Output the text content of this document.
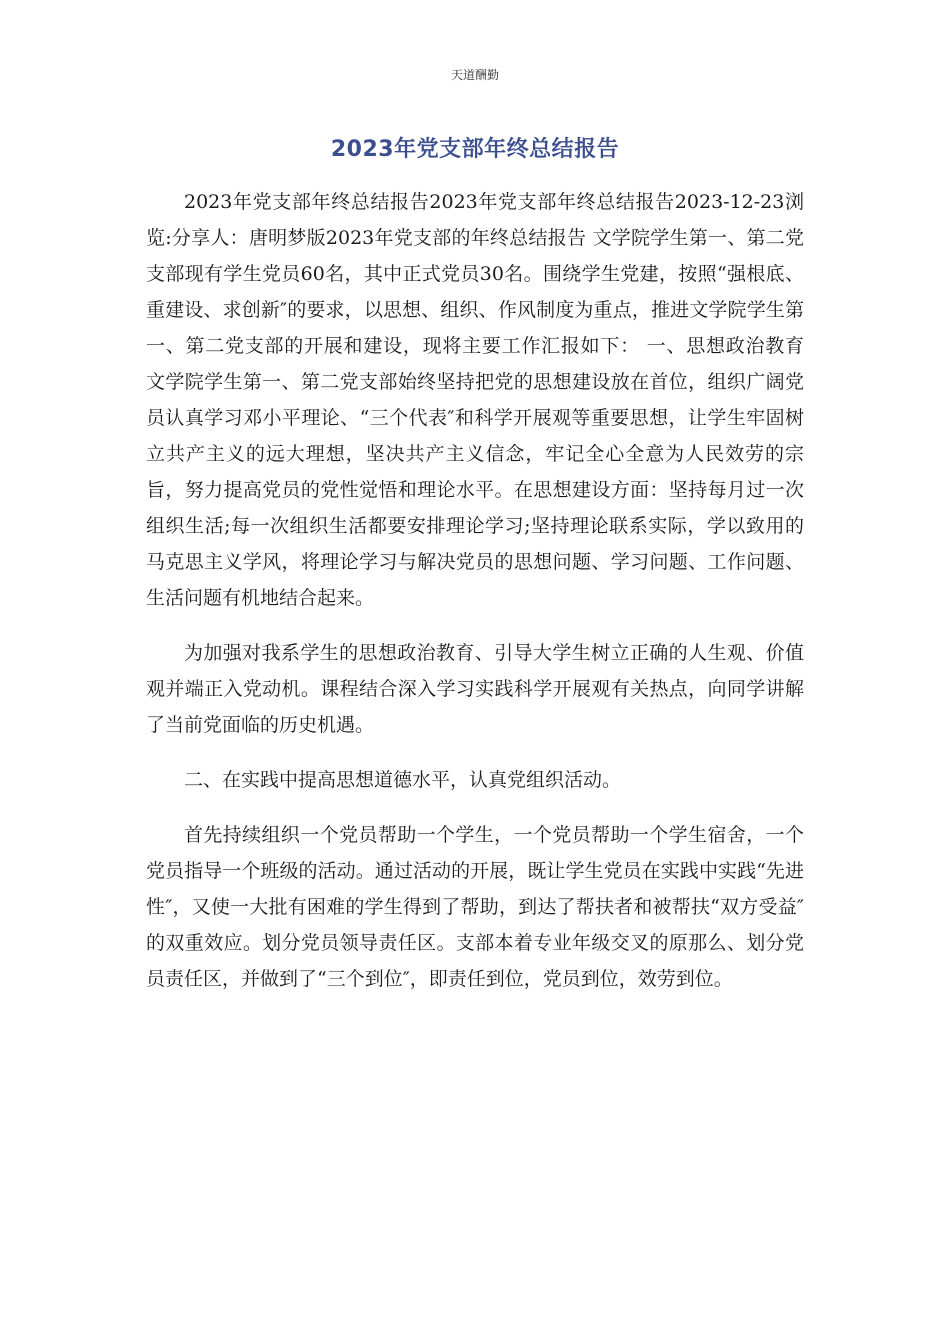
天道酬勤
2023年党支部年终总结报告

2023年党支部年终总结报告2023年党支部年终总结报告2023-12-23浏览:分享人：唐明梦版2023年党支部的年终总结报告 文学院学生第一、第二党支部现有学生党员60名，其中正式党员30名。围绕学生党建，按照“强根底、重建设、求创新″的要求，以思想、组织、作风制度为重点，推进文学院学生第一、第二党支部的开展和建设，现将主要工作汇报如下： 一、思想政治教育 文学院学生第一、第二党支部始终坚持把党的思想建设放在首位，组织广阔党员认真学习邓小平理论、“三个代表″和科学开展观等重要思想，让学生牢固树立共产主义的远大理想，坚决共产主义信念，牢记全心全意为人民效劳的宗旨，努力提高党员的党性觉悟和理论水平。在思想建设方面：坚持每月过一次组织生活;每一次组织生活都要安排理论学习;坚持理论联系实际，学以致用的马克思主义学风，将理论学习与解决党员的思想问题、学习问题、工作问题、生活问题有机地结合起来。

为加强对我系学生的思想政治教育、引导大学生树立正确的人生观、价值观并端正入党动机。课程结合深入学习实践科学开展观有关热点，向同学讲解了当前党面临的历史机遇。

二、在实践中提高思想道德水平，认真党组织活动。

首先持续组织一个党员帮助一个学生，一个党员帮助一个学生宿舍，一个党员指导一个班级的活动。通过活动的开展，既让学生党员在实践中实践“先进性″，又使一大批有困难的学生得到了帮助，到达了帮扶者和被帮扶“双方受益″的双重效应。划分党员领导责任区。支部本着专业年级交叉的原那么、划分党员责任区，并做到了“三个到位″，即责任到位，党员到位，效劳到位。
